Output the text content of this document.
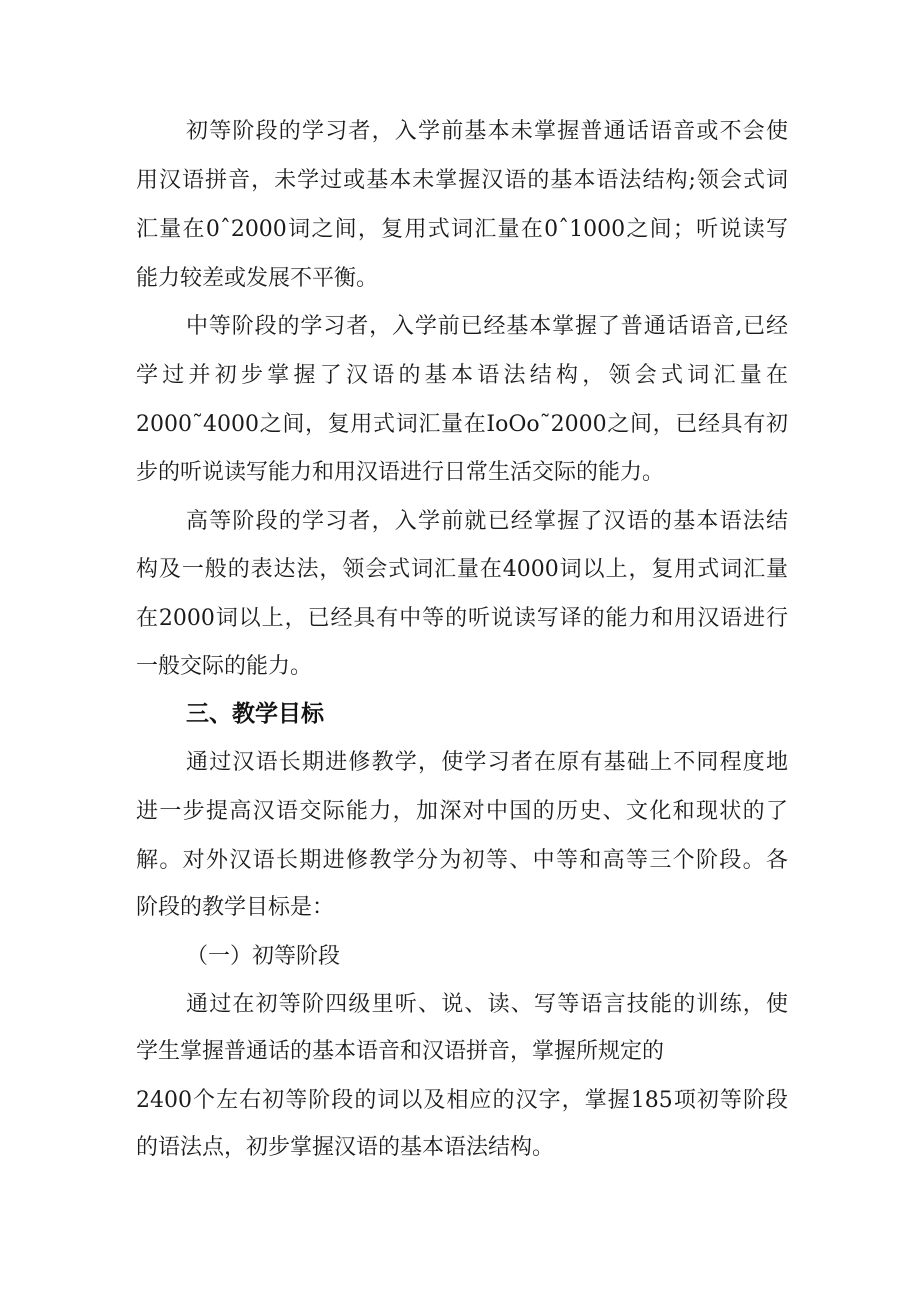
初等阶段的学习者，入学前基本未掌握普通话语音或不会使
用汉语拼音，未学过或基本未掌握汉语的基本语法结构;领会式词
汇量在0ˆ2000词之间，复用式词汇量在0ˆ1000之间；听说读写
能力较差或发展不平衡。
中等阶段的学习者，入学前已经基本掌握了普通话语音,已经
学过并初步掌握了汉语的基本语法结构，领会式词汇量在
2000˜4000之间，复用式词汇量在IoOo˜2000之间，已经具有初
步的听说读写能力和用汉语进行日常生活交际的能力。
高等阶段的学习者，入学前就已经掌握了汉语的基本语法结
构及一般的表达法，领会式词汇量在4000词以上，复用式词汇量
在2000词以上，已经具有中等的听说读写译的能力和用汉语进行
一般交际的能力。
三、教学目标
通过汉语长期进修教学，使学习者在原有基础上不同程度地
进一步提高汉语交际能力，加深对中国的历史、文化和现状的了
解。对外汉语长期进修教学分为初等、中等和高等三个阶段。各
阶段的教学目标是：
（一）初等阶段
通过在初等阶四级里听、说、读、写等语言技能的训练，使
学生掌握普通话的基本语音和汉语拼音，掌握所规定的
2400个左右初等阶段的词以及相应的汉字，掌握185项初等阶段
的语法点，初步掌握汉语的基本语法结构。
